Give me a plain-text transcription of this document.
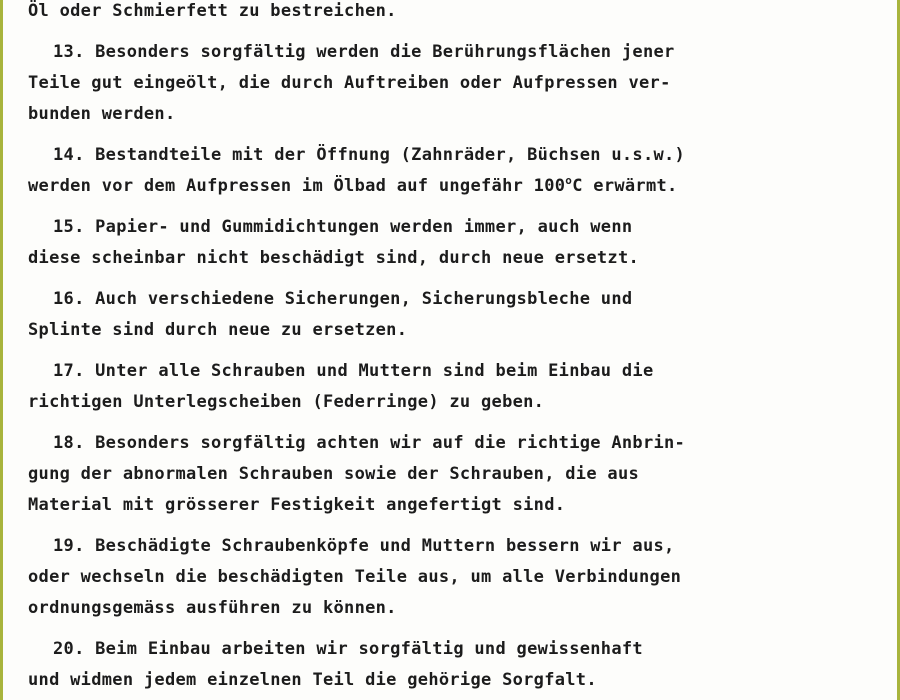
Öl oder Schmierfett zu bestreichen.
13. Besonders sorgfältig werden die Berührungsflächen jener
Teile gut eingeölt, die durch Auftreiben oder Aufpressen ver-
bunden werden.
14. Bestandteile mit der Öffnung (Zahnräder, Büchsen u.s.w.)
werden vor dem Aufpressen im Ölbad auf ungefähr 100$^o$C erwärmt.
15. Papier- und Gummidichtungen werden immer, auch wenn
diese scheinbar nicht beschädigt sind, durch neue ersetzt.
16. Auch verschiedene Sicherungen, Sicherungsbleche und
Splinte sind durch neue zu ersetzen.
17. Unter alle Schrauben und Muttern sind beim Einbau die
richtigen Unterlegscheiben (Federringe) zu geben.
18. Besonders sorgfältig achten wir auf die richtige Anbrin-
gung der abnormalen Schrauben sowie der Schrauben, die aus
Material mit grösserer Festigkeit angefertigt sind.
19. Beschädigte Schraubenköpfe und Muttern bessern wir aus,
oder wechseln die beschädigten Teile aus, um alle Verbindungen
ordnungsgemäss ausführen zu können.
20. Beim Einbau arbeiten wir sorgfältig und gewissenhaft
und widmen jedem einzelnen Teil die gehörige Sorgfalt.
